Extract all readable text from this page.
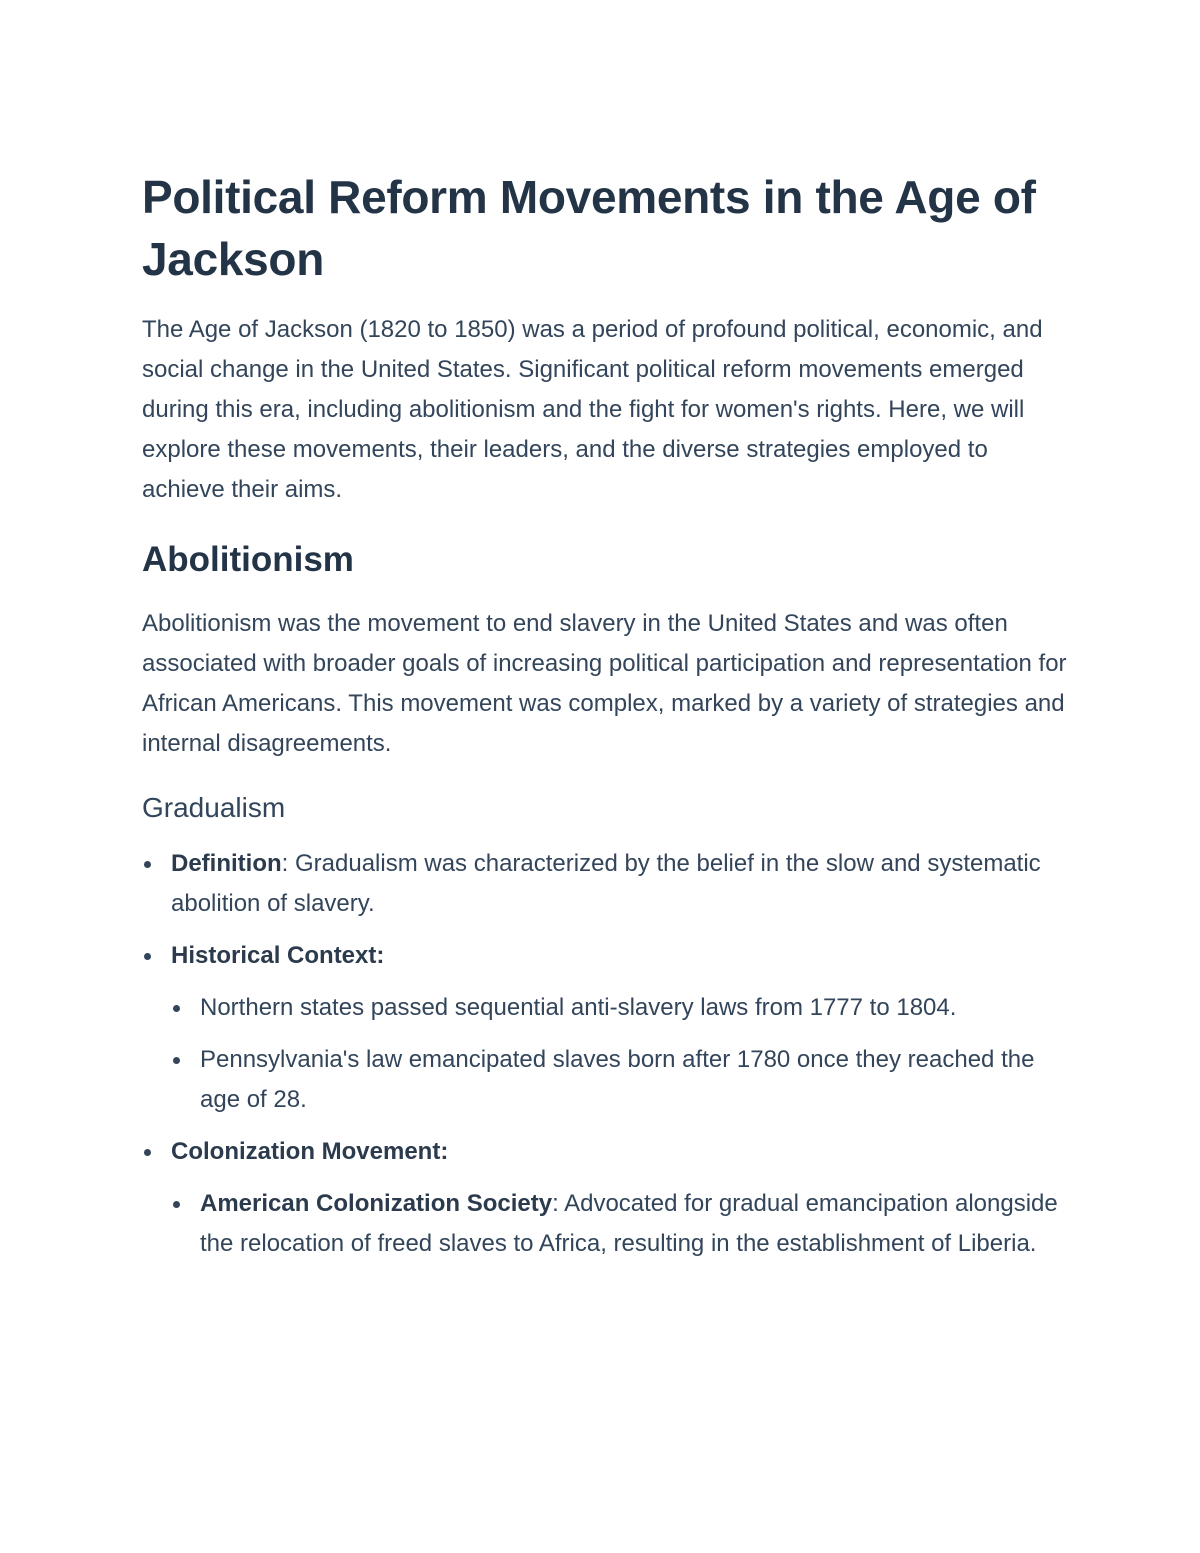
Political Reform Movements in the Age of Jackson

The Age of Jackson (1820 to 1850) was a period of profound political, economic, and social change in the United States. Significant political reform movements emerged during this era, including abolitionism and the fight for women's rights. Here, we will explore these movements, their leaders, and the diverse strategies employed to achieve their aims.

Abolitionism

Abolitionism was the movement to end slavery in the United States and was often associated with broader goals of increasing political participation and representation for African Americans. This movement was complex, marked by a variety of strategies and internal disagreements.

Gradualism
Definition: Gradualism was characterized by the belief in the slow and systematic abolition of slavery.
Historical Context:
Northern states passed sequential anti-slavery laws from 1777 to 1804.
Pennsylvania's law emancipated slaves born after 1780 once they reached the age of 28.
Colonization Movement:
American Colonization Society: Advocated for gradual emancipation alongside the relocation of freed slaves to Africa, resulting in the establishment of Liberia.
